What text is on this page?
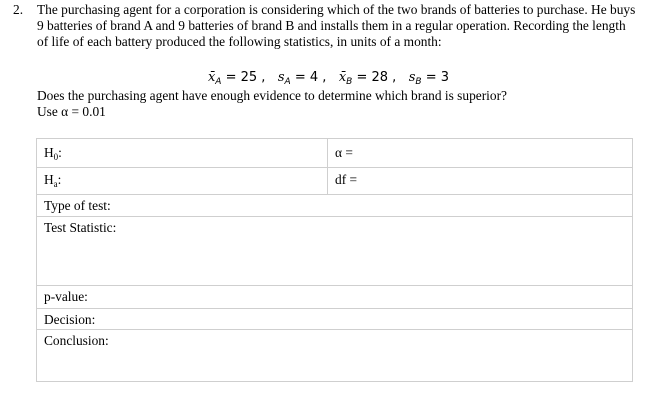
2. The purchasing agent for a corporation is considering which of the two brands of batteries to purchase. He buys 9 batteries of brand A and 9 batteries of brand B and installs them in a regular operation. Recording the length of life of each battery produced the following statistics, in units of a month:
$x̄_A = 25$ , $s_A = 4$ , $x̄_B = 28$ , $s_B = 3$
Does the purchasing agent have enough evidence to determine which brand is superior?
Use α = 0.01
$H_0$:	α =
$H_a$:	df =
Type of test:	
Test Statistic:	
p-value:	
Decision:	
Conclusion:	
